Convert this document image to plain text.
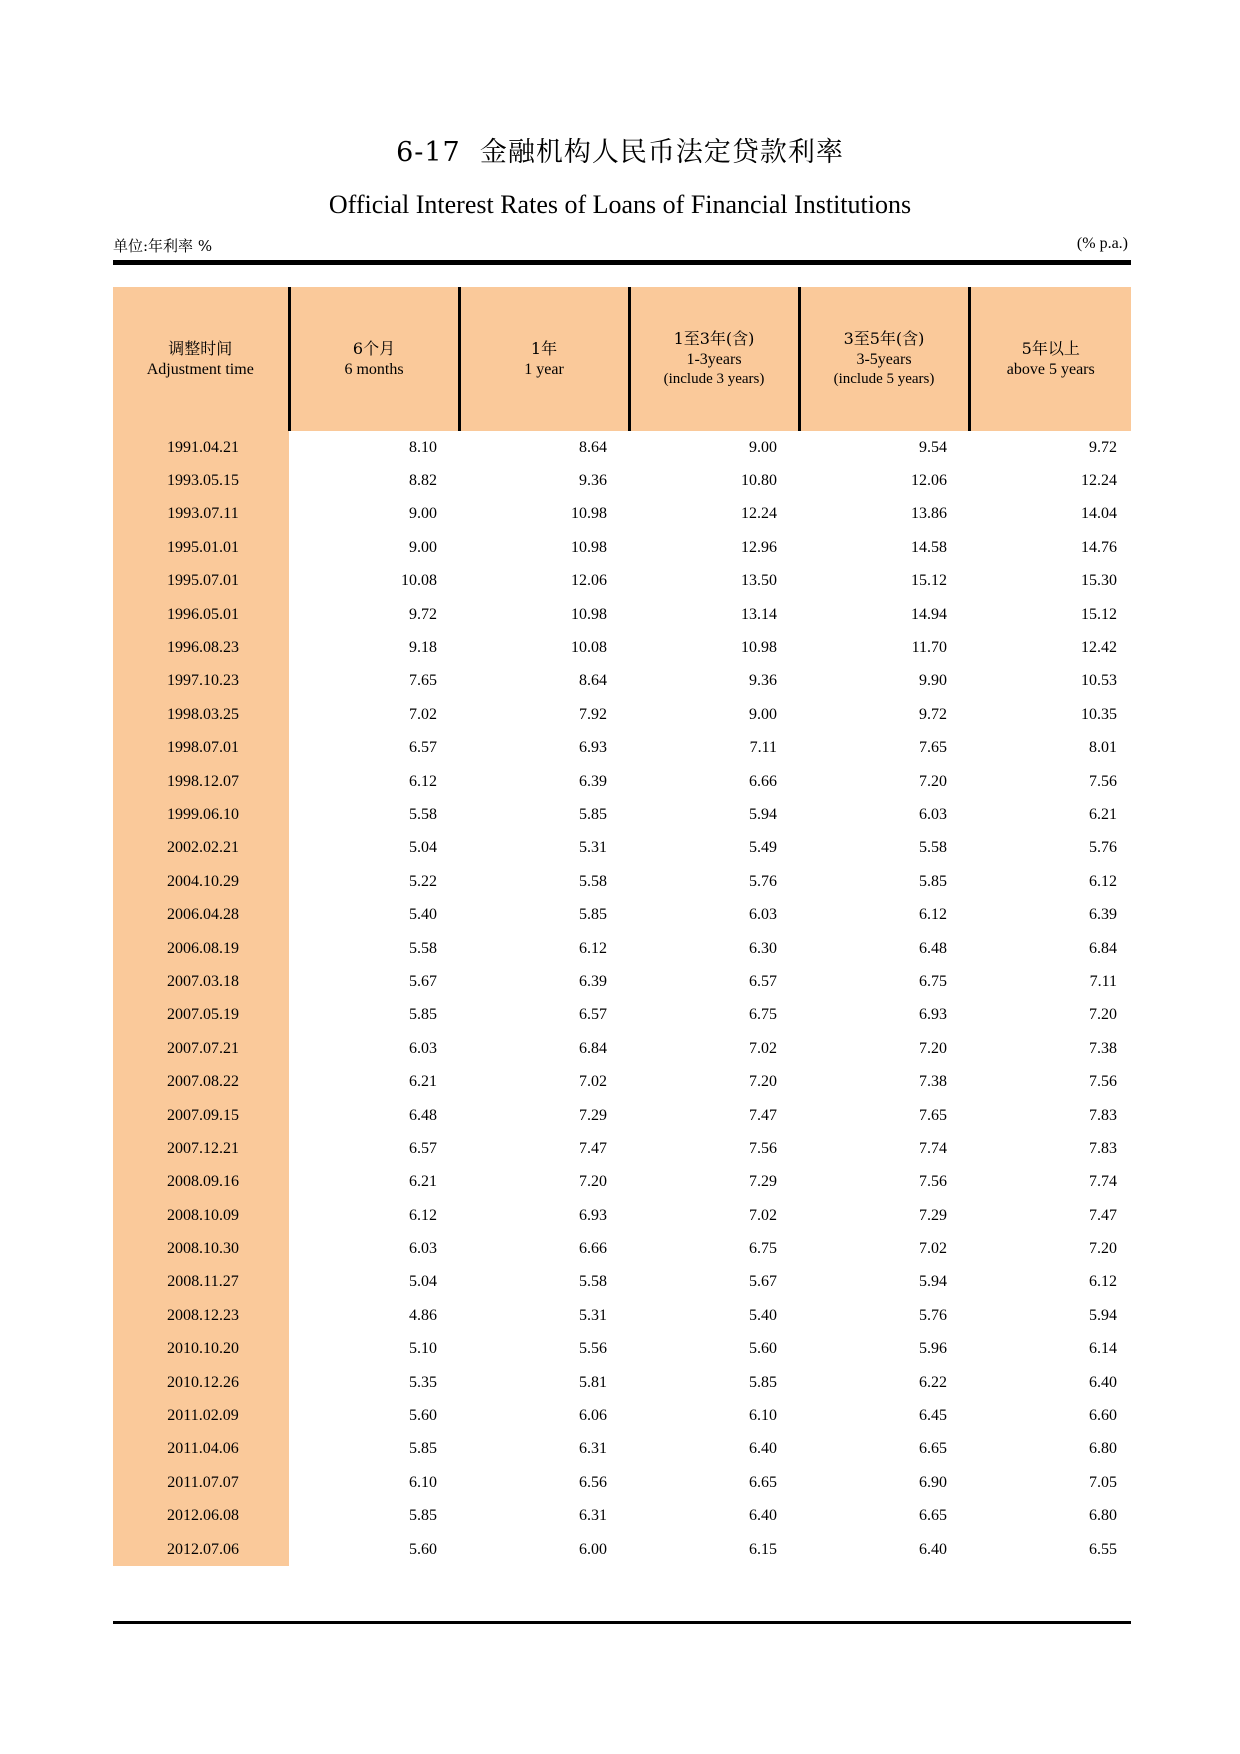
6-17  金融机构人民币法定贷款利率
Official Interest Rates of Loans of Financial Institutions
单位:年利率 %	(% p.a.)
调整时间
Adjustment time

6个月
6 months

1年
1 year

1至3年(含)
1-3years
(include 3 years)

3至5年(含)
3-5years
(include 5 years)

5年以上
above 5 years

1991.04.21	8.10	8.64	9.00	9.54	9.72
1993.05.15	8.82	9.36	10.80	12.06	12.24
1993.07.11	9.00	10.98	12.24	13.86	14.04
1995.01.01	9.00	10.98	12.96	14.58	14.76
1995.07.01	10.08	12.06	13.50	15.12	15.30
1996.05.01	9.72	10.98	13.14	14.94	15.12
1996.08.23	9.18	10.08	10.98	11.70	12.42
1997.10.23	7.65	8.64	9.36	9.90	10.53
1998.03.25	7.02	7.92	9.00	9.72	10.35
1998.07.01	6.57	6.93	7.11	7.65	8.01
1998.12.07	6.12	6.39	6.66	7.20	7.56
1999.06.10	5.58	5.85	5.94	6.03	6.21
2002.02.21	5.04	5.31	5.49	5.58	5.76
2004.10.29	5.22	5.58	5.76	5.85	6.12
2006.04.28	5.40	5.85	6.03	6.12	6.39
2006.08.19	5.58	6.12	6.30	6.48	6.84
2007.03.18	5.67	6.39	6.57	6.75	7.11
2007.05.19	5.85	6.57	6.75	6.93	7.20
2007.07.21	6.03	6.84	7.02	7.20	7.38
2007.08.22	6.21	7.02	7.20	7.38	7.56
2007.09.15	6.48	7.29	7.47	7.65	7.83
2007.12.21	6.57	7.47	7.56	7.74	7.83
2008.09.16	6.21	7.20	7.29	7.56	7.74
2008.10.09	6.12	6.93	7.02	7.29	7.47
2008.10.30	6.03	6.66	6.75	7.02	7.20
2008.11.27	5.04	5.58	5.67	5.94	6.12
2008.12.23	4.86	5.31	5.40	5.76	5.94
2010.10.20	5.10	5.56	5.60	5.96	6.14
2010.12.26	5.35	5.81	5.85	6.22	6.40
2011.02.09	5.60	6.06	6.10	6.45	6.60
2011.04.06	5.85	6.31	6.40	6.65	6.80
2011.07.07	6.10	6.56	6.65	6.90	7.05
2012.06.08	5.85	6.31	6.40	6.65	6.80
2012.07.06	5.60	6.00	6.15	6.40	6.55
